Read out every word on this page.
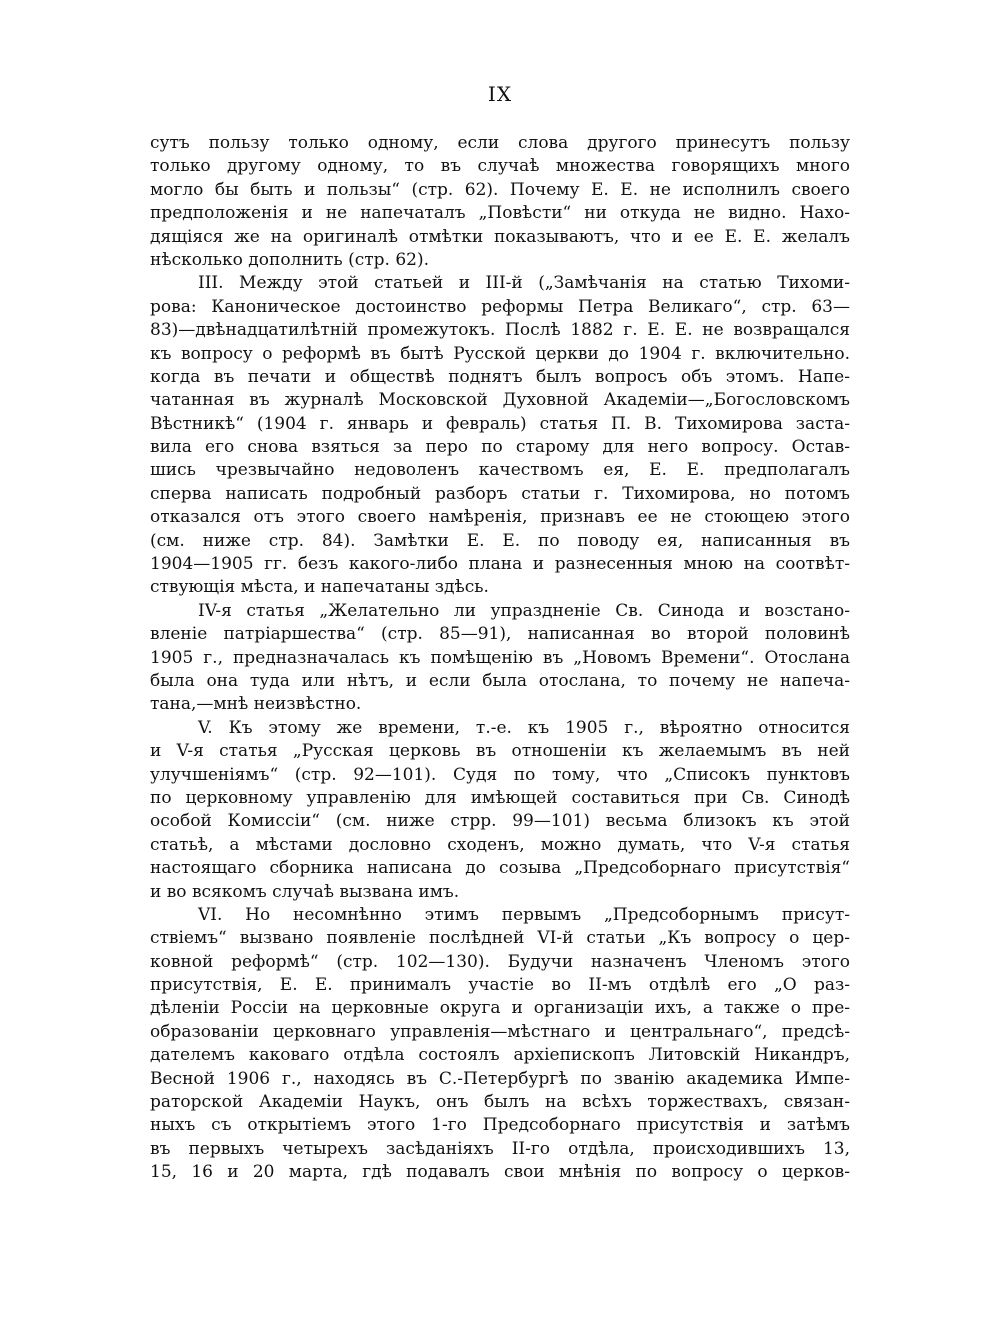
IX
сутъ пользу только одному, если слова другого принесутъ пользу
только другому одному, то въ случаѣ множества говорящихъ много
могло бы быть и пользы“ (стр. 62). Почему Е. Е. не исполнилъ своего
предположенія и не напечаталъ „Повѣсти“ ни откуда не видно. Нахо-
дящіяся же на оригиналѣ отмѣтки показываютъ, что и ее Е. Е. желалъ
нѣсколько дополнить (стр. 62).
III. Между этой статьей и III-й („Замѣчанія на статью Тихоми-
рова: Каноническое достоинство реформы Петра Великаго“, стр. 63—
83)—двѣнадцатилѣтній промежутокъ. Послѣ 1882 г. Е. Е. не возвращался
къ вопросу о реформѣ въ бытѣ Русской церкви до 1904 г. включительно.
когда въ печати и обществѣ поднятъ былъ вопросъ объ этомъ. Напе-
чатанная въ журналѣ Московской Духовной Академіи—„Богословскомъ
Вѣстникѣ“ (1904 г. январь и февраль) статья П. В. Тихомирова заста-
вила его снова взяться за перо по старому для него вопросу. Остав-
шись чрезвычайно недоволенъ качествомъ ея, Е. Е. предполагалъ
сперва написать подробный разборъ статьи г. Тихомирова, но потомъ
отказался отъ этого своего намѣренія, признавъ ее не стоющею этого
(см. ниже стр. 84). Замѣтки Е. Е. по поводу ея, написанныя въ
1904—1905 гг. безъ какого-либо плана и разнесенныя мною на соотвѣт-
ствующія мѣста, и напечатаны здѣсь.
IV-я статья „Желательно ли упраздненіе Св. Синода и возстано-
вленіе патріаршества“ (стр. 85—91), написанная во второй половинѣ
1905 г., предназначалась къ помѣщенію въ „Новомъ Времени“. Отослана
была она туда или нѣтъ, и если была отослана, то почему не напеча-
тана,—мнѣ неизвѣстно.
V. Къ этому же времени, т.-е. къ 1905 г., вѣроятно относится
и V-я статья „Русская церковь въ отношеніи къ желаемымъ въ ней
улучшеніямъ“ (стр. 92—101). Судя по тому, что „Списокъ пунктовъ
по церковному управленію для имѣющей составиться при Св. Синодѣ
особой Комиссіи“ (см. ниже стрр. 99—101) весьма близокъ къ этой
статьѣ, а мѣстами дословно сходенъ, можно думать, что V-я статья
настоящаго сборника написана до созыва „Предсоборнаго присутствія“
и во всякомъ случаѣ вызвана имъ.
VI. Но несомнѣнно этимъ первымъ „Предсоборнымъ присут-
ствіемъ“ вызвано появленіе послѣдней VI-й статьи „Къ вопросу о цер-
ковной реформѣ“ (стр. 102—130). Будучи назначенъ Членомъ этого
присутствія, Е. Е. принималъ участіе во II-мъ отдѣлѣ его „О раз-
дѣленіи Россіи на церковные округа и организаціи ихъ, а также о пре-
образованіи церковнаго управленія—мѣстнаго и центральнаго“, предсѣ-
дателемъ каковаго отдѣла состоялъ архіепископъ Литовскій Никандръ,
Весной 1906 г., находясь въ С.-Петербургѣ по званію академика Импе-
раторской Академіи Наукъ, онъ былъ на всѣхъ торжествахъ, связан-
ныхъ съ открытіемъ этого 1-го Предсоборнаго присутствія и затѣмъ
въ первыхъ четырехъ засѣданіяхъ II-го отдѣла, происходившихъ 13,
15, 16 и 20 марта, гдѣ подавалъ свои мнѣнія по вопросу о церков-
